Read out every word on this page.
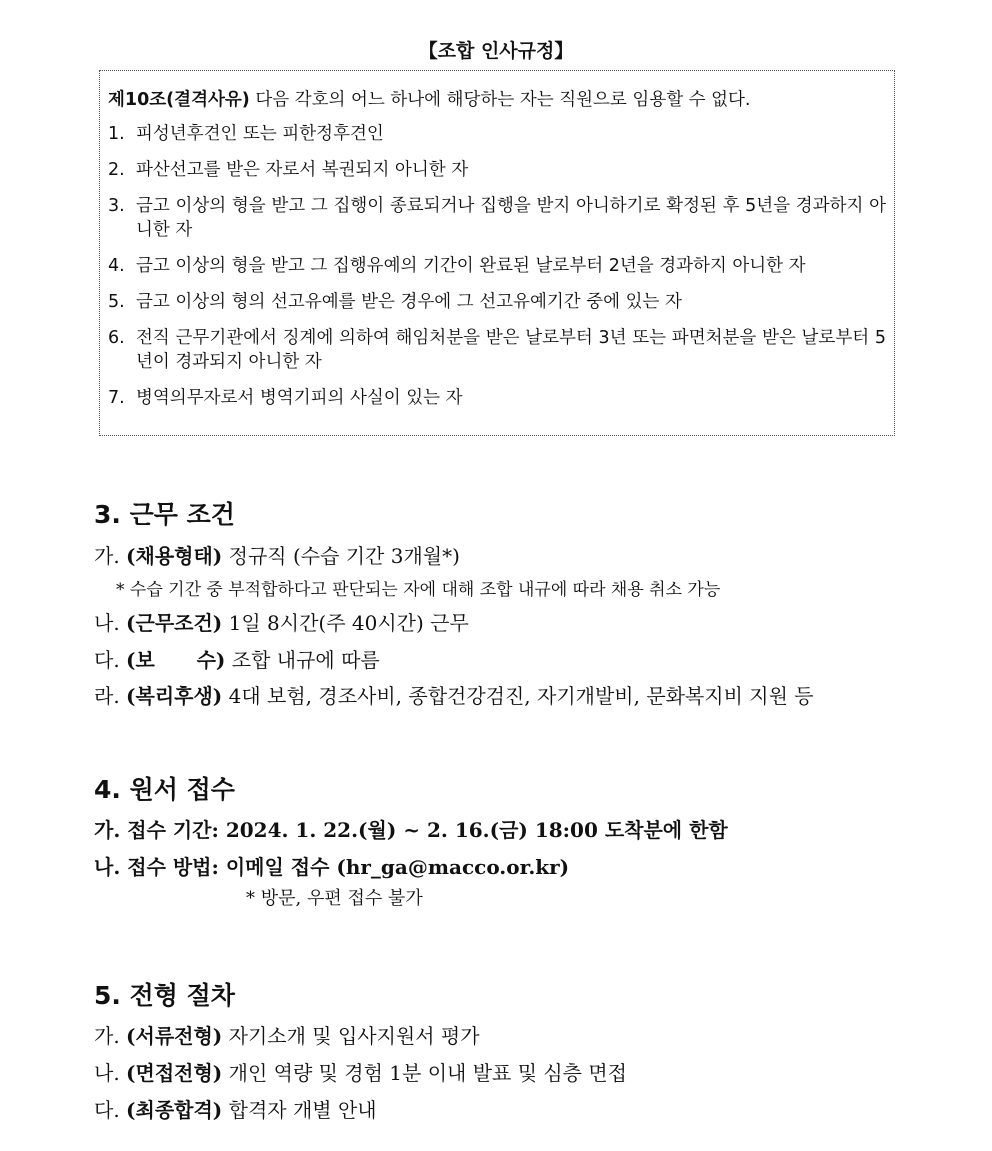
【조합 인사규정】
제10조(결격사유) 다음 각호의 어느 하나에 해당하는 자는 직원으로 임용할 수 없다.
1. 피성년후견인 또는 피한정후견인
2. 파산선고를 받은 자로서 복권되지 아니한 자
3. 금고 이상의 형을 받고 그 집행이 종료되거나 집행을 받지 아니하기로 확정된 후 5년을 경과하지 아니한 자
4. 금고 이상의 형을 받고 그 집행유예의 기간이 완료된 날로부터 2년을 경과하지 아니한 자
5. 금고 이상의 형의 선고유예를 받은 경우에 그 선고유예기간 중에 있는 자
6. 전직 근무기관에서 징계에 의하여 해임처분을 받은 날로부터 3년 또는 파면처분을 받은 날로부터 5년이 경과되지 아니한 자
7. 병역의무자로서 병역기피의 사실이 있는 자
3. 근무 조건
가. (채용형태) 정규직 (수습 기간 3개월*)
* 수습 기간 중 부적합하다고 판단되는 자에 대해 조합 내규에 따라 채용 취소 가능
나. (근무조건) 1일 8시간(주 40시간) 근무
다. (보      수) 조합 내규에 따름
라. (복리후생) 4대 보험, 경조사비, 종합건강검진, 자기개발비, 문화복지비 지원 등
4. 원서 접수
가. 접수 기간: 2024. 1. 22.(월) ~ 2. 16.(금) 18:00 도착분에 한함
나. 접수 방법: 이메일 접수 (hr_ga@macco.or.kr)
* 방문, 우편 접수 불가
5. 전형 절차
가. (서류전형) 자기소개 및 입사지원서 평가
나. (면접전형) 개인 역량 및 경험 1분 이내 발표 및 심층 면접
다. (최종합격) 합격자 개별 안내
